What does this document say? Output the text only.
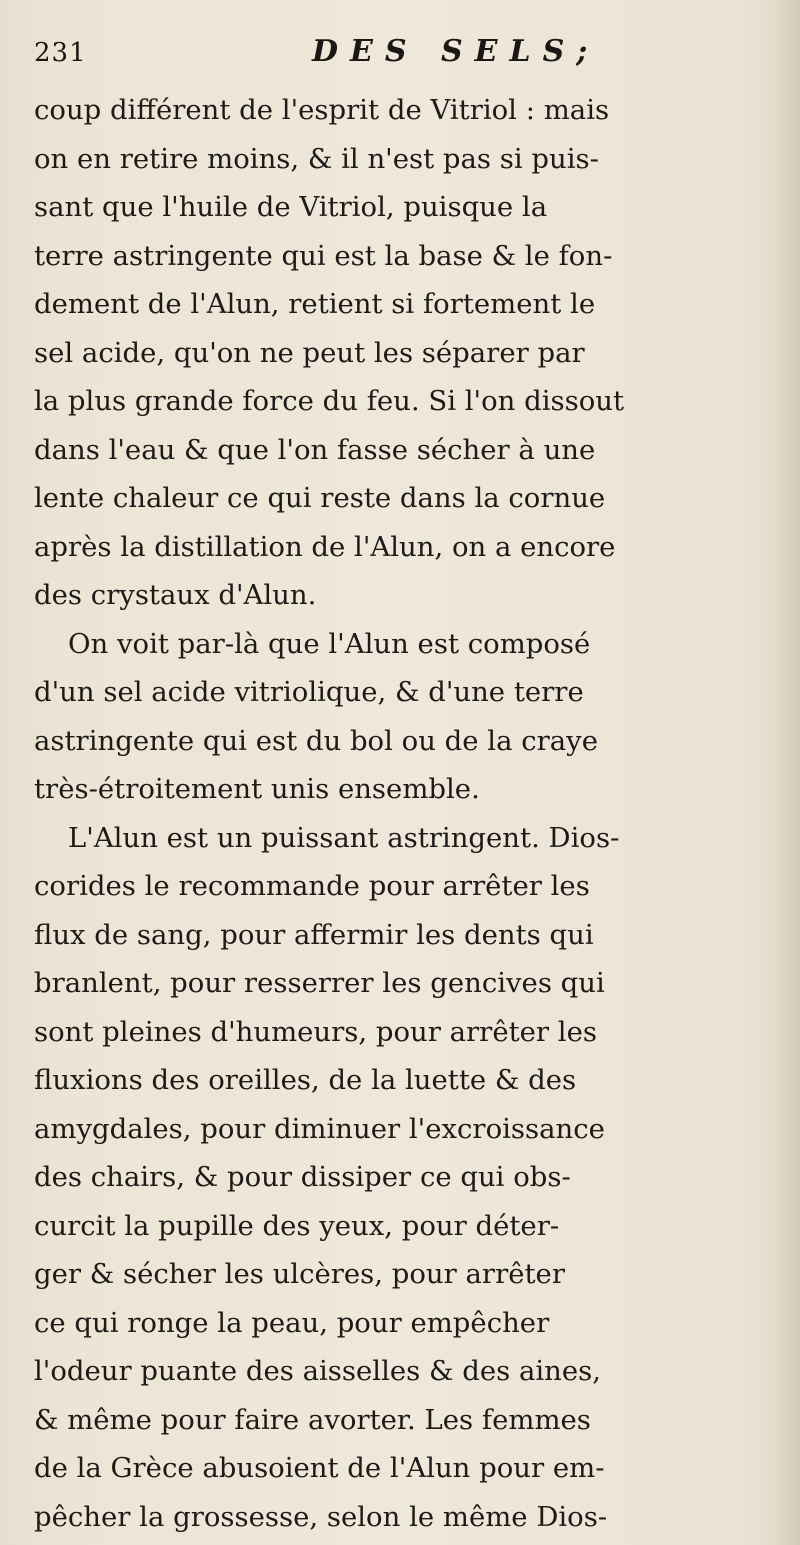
231	DES SELS;
coup différent de l'esprit de Vitriol : mais
on en retire moins, & il n'est pas si puis-
sant que l'huile de Vitriol, puisque la
terre astringente qui est la base & le fon-
dement de l'Alun, retient si fortement le
sel acide, qu'on ne peut les séparer par
la plus grande force du feu. Si l'on dissout
dans l'eau & que l'on fasse sécher à une
lente chaleur ce qui reste dans la cornue
après la distillation de l'Alun, on a encore
des crystaux d'Alun.
On voit par-là que l'Alun est composé
d'un sel acide vitriolique, & d'une terre
astringente qui est du bol ou de la craye
très-étroitement unis ensemble.
L'Alun est un puissant astringent. Dios-
corides le recommande pour arrêter les
flux de sang, pour affermir les dents qui
branlent, pour resserrer les gencives qui
sont pleines d'humeurs, pour arrêter les
fluxions des oreilles, de la luette & des
amygdales, pour diminuer l'excroissance
des chairs, & pour dissiper ce qui obs-
curcit la pupille des yeux, pour déter-
ger & sécher les ulcères, pour arrêter
ce qui ronge la peau, pour empêcher
l'odeur puante des aisselles & des aines,
& même pour faire avorter. Les femmes
de la Grèce abusoient de l'Alun pour em-
pêcher la grossesse, selon le même Dios-
